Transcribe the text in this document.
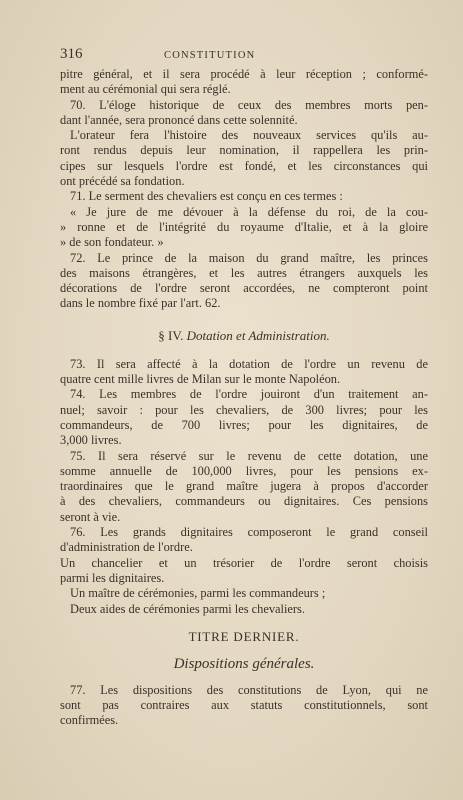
316	CONSTITUTION
pitre général, et il sera procédé à leur réception ; conformé-
ment au cérémonial qui sera réglé.
70. L'éloge historique de ceux des membres morts pen-
dant l'année, sera prononcé dans cette solennité.
L'orateur fera l'histoire des nouveaux services qu'ils au-
ront rendus depuis leur nomination, il rappellera les prin-
cipes sur lesquels l'ordre est fondé, et les circonstances qui
ont précédé sa fondation.
71. Le serment des chevaliers est conçu en ces termes :
« Je jure de me dévouer à la défense du roi, de la cou-
» ronne et de l'intégrité du royaume d'Italie, et à la gloire
» de son fondateur. »
72. Le prince de la maison du grand maître, les princes
des maisons étrangères, et les autres étrangers auxquels les
décorations de l'ordre seront accordées, ne compteront point
dans le nombre fixé par l'art. 62.
§ IV. Dotation et Administration.
73. Il sera affecté à la dotation de l'ordre un revenu de
quatre cent mille livres de Milan sur le monte Napoléon.
74. Les membres de l'ordre jouiront d'un traitement an-
nuel; savoir : pour les chevaliers, de 300 livres; pour les
commandeurs, de 700 livres; pour les dignitaires, de
3,000 livres.
75. Il sera réservé sur le revenu de cette dotation, une
somme annuelle de 100,000 livres, pour les pensions ex-
traordinaires que le grand maître jugera à propos d'accorder
à des chevaliers, commandeurs ou dignitaires. Ces pensions
seront à vie.
76. Les grands dignitaires composeront le grand conseil
d'administration de l'ordre.
Un chancelier et un trésorier de l'ordre seront choisis
parmi les dignitaires.
Un maître de cérémonies, parmi les commandeurs ;
Deux aides de cérémonies parmi les chevaliers.
TITRE DERNIER.
Dispositions générales.
77. Les dispositions des constitutions de Lyon, qui ne
sont pas contraires aux statuts constitutionnels, sont
confirmées.
